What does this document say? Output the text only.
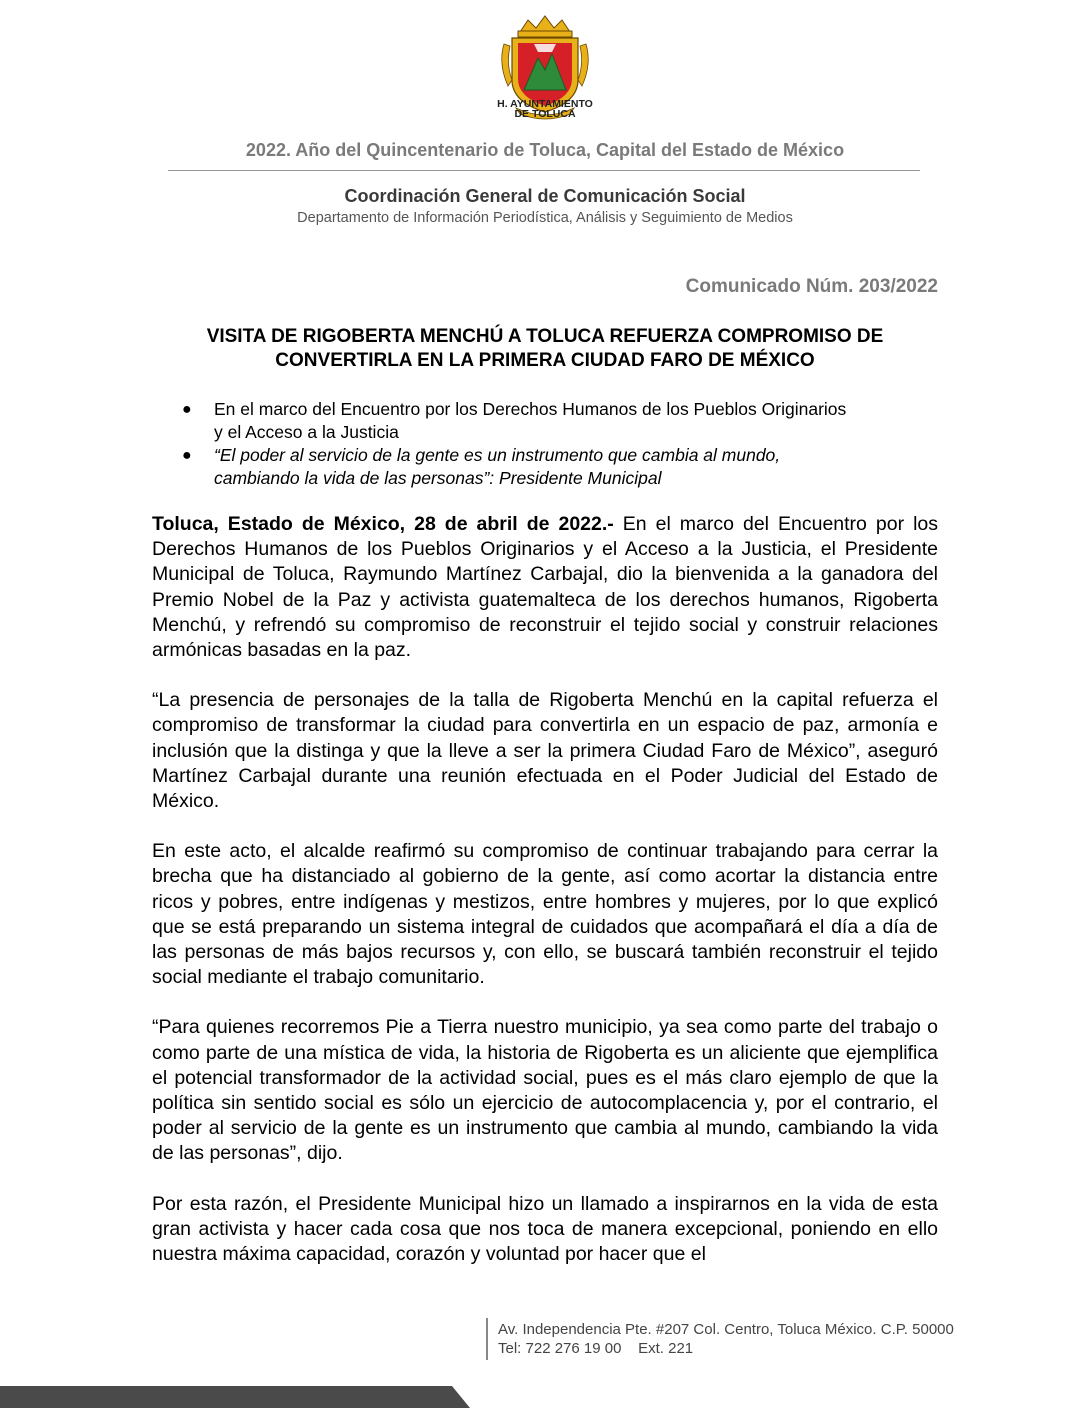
H. AYUNTAMIENTO
DE TOLUCA
2022. Año del Quincentenario de Toluca, Capital del Estado de México
Coordinación General de Comunicación Social
Departamento de Información Periodística, Análisis y Seguimiento de Medios
Comunicado Núm. 203/2022
VISITA DE RIGOBERTA MENCHÚ A TOLUCA REFUERZA COMPROMISO DE
CONVERTIRLA EN LA PRIMERA CIUDAD FARO DE MÉXICO
● En el marco del Encuentro por los Derechos Humanos de los Pueblos Originarios
y el Acceso a la Justicia
● “El poder al servicio de la gente es un instrumento que cambia al mundo,
cambiando la vida de las personas”: Presidente Municipal

Toluca, Estado de México, 28 de abril de 2022.- En el marco del Encuentro por los Derechos Humanos de los Pueblos Originarios y el Acceso a la Justicia, el Presidente Municipal de Toluca, Raymundo Martínez Carbajal, dio la bienvenida a la ganadora del Premio Nobel de la Paz y activista guatemalteca de los derechos humanos, Rigoberta Menchú, y refrendó su compromiso de reconstruir el tejido social y construir relaciones armónicas basadas en la paz.

“La presencia de personajes de la talla de Rigoberta Menchú en la capital refuerza el compromiso de transformar la ciudad para convertirla en un espacio de paz, armonía e inclusión que la distinga y que la lleve a ser la primera Ciudad Faro de México”, aseguró Martínez Carbajal durante una reunión efectuada en el Poder Judicial del Estado de México.

En este acto, el alcalde reafirmó su compromiso de continuar trabajando para cerrar la brecha que ha distanciado al gobierno de la gente, así como acortar la distancia entre ricos y pobres, entre indígenas y mestizos, entre hombres y mujeres, por lo que explicó que se está preparando un sistema integral de cuidados que acompañará el día a día de las personas de más bajos recursos y, con ello, se buscará también reconstruir el tejido social mediante el trabajo comunitario.

“Para quienes recorremos Pie a Tierra nuestro municipio, ya sea como parte del trabajo o como parte de una mística de vida, la historia de Rigoberta es un aliciente que ejemplifica el potencial transformador de la actividad social, pues es el más claro ejemplo de que la política sin sentido social es sólo un ejercicio de autocomplacencia y, por el contrario, el poder al servicio de la gente es un instrumento que cambia al mundo, cambiando la vida de las personas”, dijo.

Por esta razón, el Presidente Municipal hizo un llamado a inspirarnos en la vida de esta gran activista y hacer cada cosa que nos toca de manera excepcional, poniendo en ello nuestra máxima capacidad, corazón y voluntad por hacer que el

Av. Independencia Pte. #207 Col. Centro, Toluca México. C.P. 50000
Tel: 722 276 19 00    Ext. 221
